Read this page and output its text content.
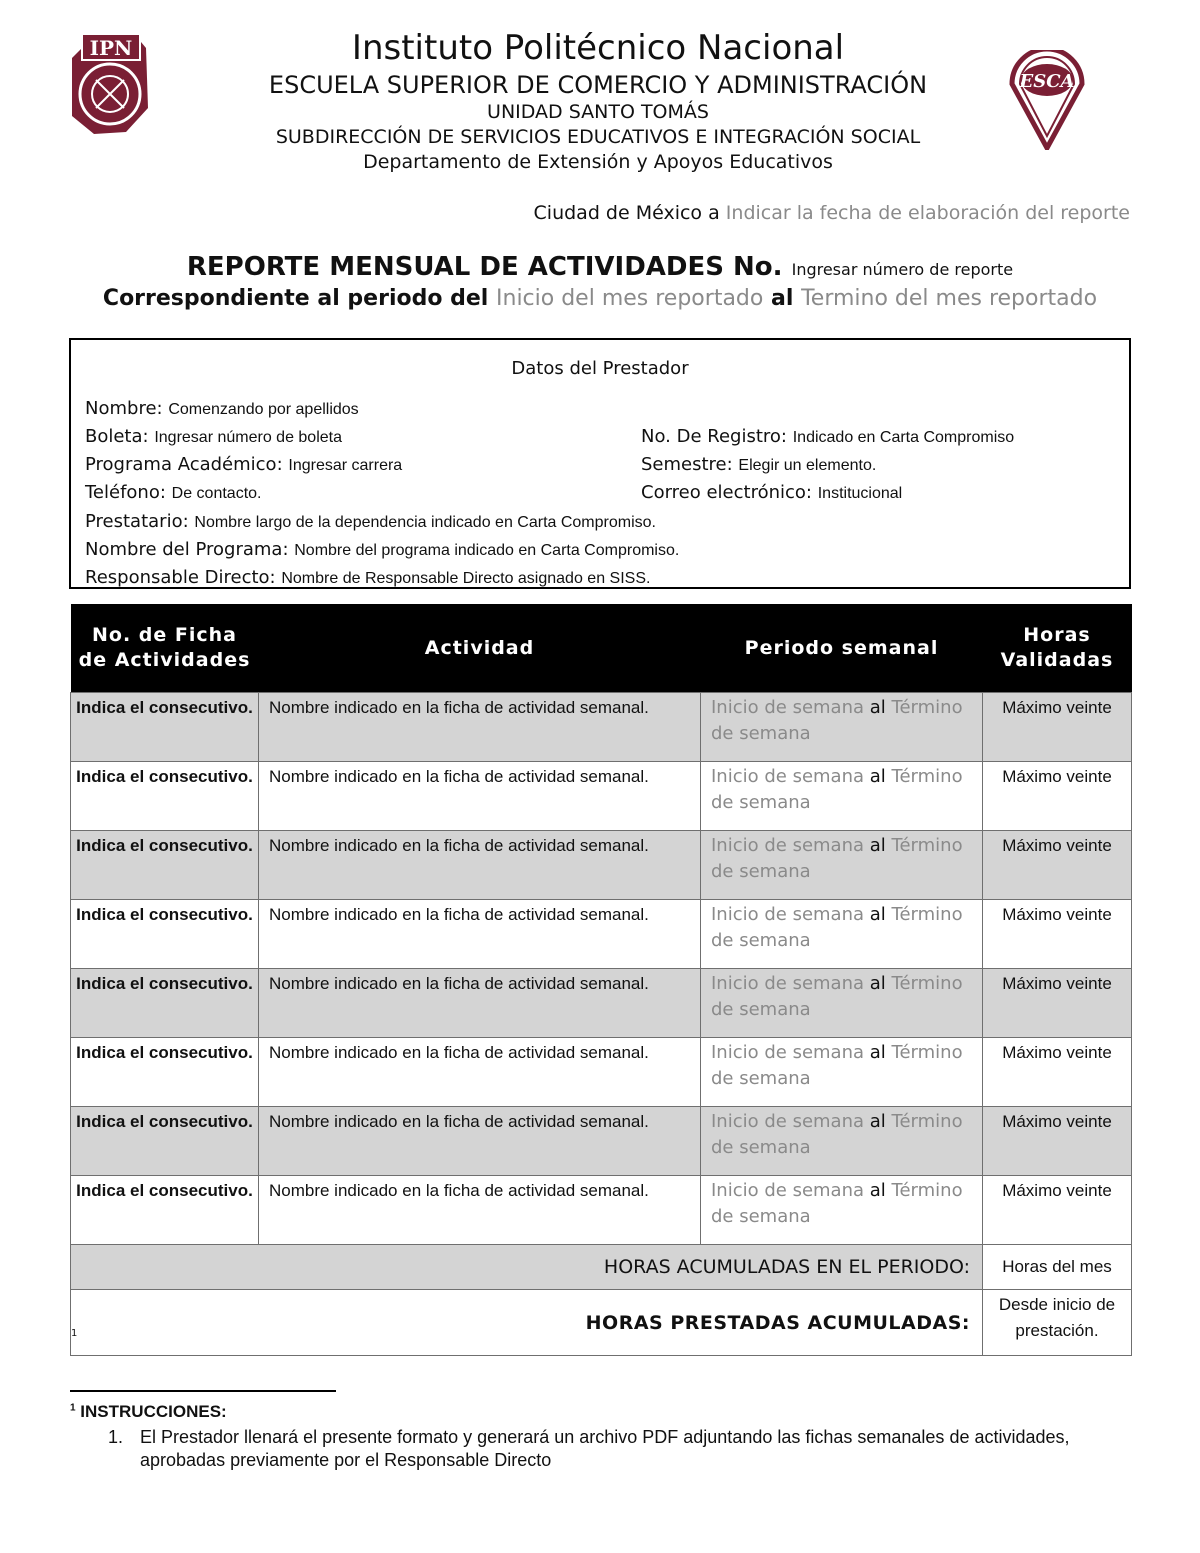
IPN
ESCA
Instituto Politécnico Nacional
ESCUELA SUPERIOR DE COMERCIO Y ADMINISTRACIÓN
UNIDAD SANTO TOMÁS
SUBDIRECCIÓN DE SERVICIOS EDUCATIVOS E INTEGRACIÓN SOCIAL
Departamento de Extensión y Apoyos Educativos
Ciudad de México a Indicar la fecha de elaboración del reporte
REPORTE MENSUAL DE ACTIVIDADES No. Ingresar número de reporte
Correspondiente al periodo del Inicio del mes reportado al Termino del mes reportado
Datos del Prestador
Nombre: Comenzando por apellidos
Boleta: Ingresar número de boleta	No. De Registro: Indicado en Carta Compromiso
Programa Académico: Ingresar carrera	Semestre: Elegir un elemento.
Teléfono: De contacto.	Correo electrónico: Institucional
Prestatario: Nombre largo de la dependencia indicado en Carta Compromiso.
Nombre del Programa: Nombre del programa indicado en Carta Compromiso.
Responsable Directo: Nombre de Responsable Directo asignado en SISS.
No. de Ficha de Actividades	Actividad	Periodo semanal	Horas Validadas
Indica el consecutivo.	Nombre indicado en la ficha de actividad semanal.	Inicio de semana al Término de semana	Máximo veinte
Indica el consecutivo.	Nombre indicado en la ficha de actividad semanal.	Inicio de semana al Término de semana	Máximo veinte
Indica el consecutivo.	Nombre indicado en la ficha de actividad semanal.	Inicio de semana al Término de semana	Máximo veinte
Indica el consecutivo.	Nombre indicado en la ficha de actividad semanal.	Inicio de semana al Término de semana	Máximo veinte
Indica el consecutivo.	Nombre indicado en la ficha de actividad semanal.	Inicio de semana al Término de semana	Máximo veinte
Indica el consecutivo.	Nombre indicado en la ficha de actividad semanal.	Inicio de semana al Término de semana	Máximo veinte
Indica el consecutivo.	Nombre indicado en la ficha de actividad semanal.	Inicio de semana al Término de semana	Máximo veinte
Indica el consecutivo.	Nombre indicado en la ficha de actividad semanal.	Inicio de semana al Término de semana	Máximo veinte
HORAS ACUMULADAS EN EL PERIODO:			Horas del mes
HORAS PRESTADAS ACUMULADAS:			Desde inicio de prestación.
1
$^1$ INSTRUCCIONES:
1. El Prestador llenará el presente formato y generará un archivo PDF adjuntando las fichas semanales de actividades, aprobadas previamente por el Responsable Directo
